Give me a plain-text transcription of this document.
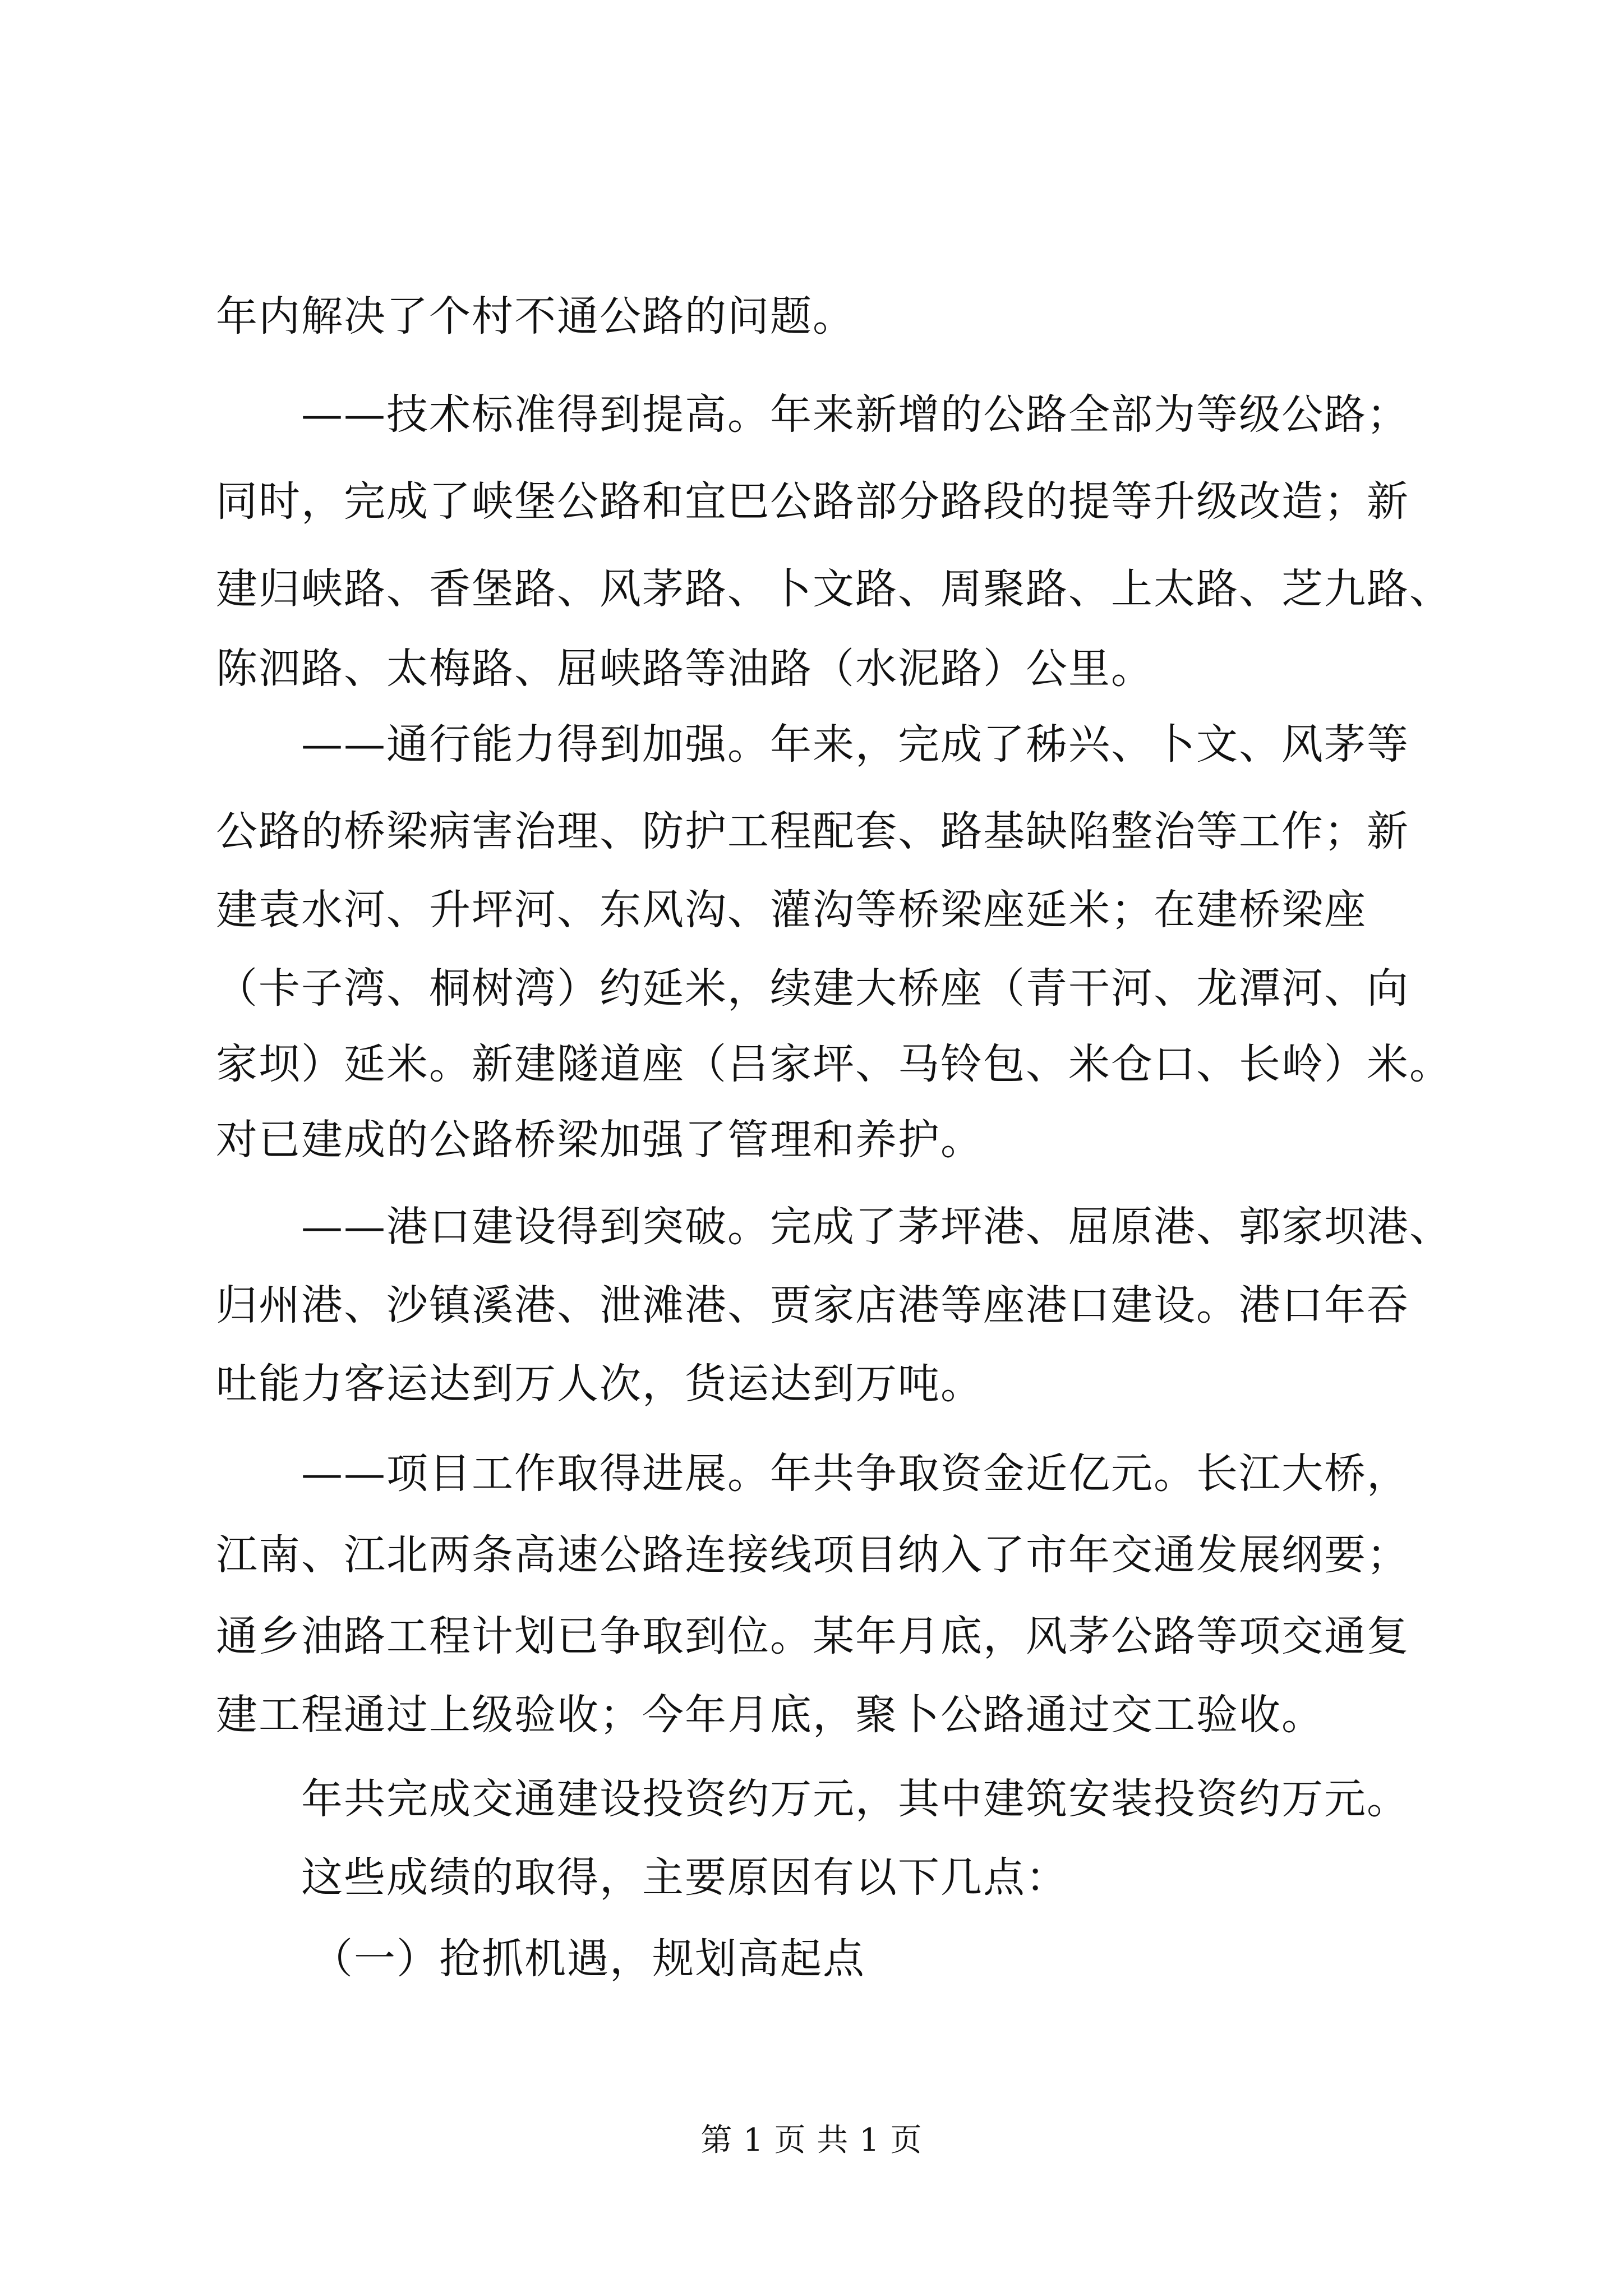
年内解决了个村不通公路的问题。
——技术标准得到提高。年来新增的公路全部为等级公路；
同时，完成了峡堡公路和宜巴公路部分路段的提等升级改造；新
建归峡路、香堡路、风茅路、卜文路、周聚路、上太路、芝九路、
陈泗路、太梅路、屈峡路等油路（水泥路）公里。
——通行能力得到加强。年来，完成了秭兴、卜文、风茅等
公路的桥梁病害治理、防护工程配套、路基缺陷整治等工作；新
建袁水河、升坪河、东风沟、灌沟等桥梁座延米；在建桥梁座
（卡子湾、桐树湾）约延米，续建大桥座（青干河、龙潭河、向
家坝）延米。新建隧道座（吕家坪、马铃包、米仓口、长岭）米。
对已建成的公路桥梁加强了管理和养护。
——港口建设得到突破。完成了茅坪港、屈原港、郭家坝港、
归州港、沙镇溪港、泄滩港、贾家店港等座港口建设。港口年吞
吐能力客运达到万人次，货运达到万吨。
——项目工作取得进展。年共争取资金近亿元。长江大桥，
江南、江北两条高速公路连接线项目纳入了市年交通发展纲要；
通乡油路工程计划已争取到位。某年月底，风茅公路等项交通复
建工程通过上级验收；今年月底，聚卜公路通过交工验收。
年共完成交通建设投资约万元，其中建筑安装投资约万元。
这些成绩的取得，主要原因有以下几点：
（一）抢抓机遇，规划高起点
第 1 页 共 1 页
